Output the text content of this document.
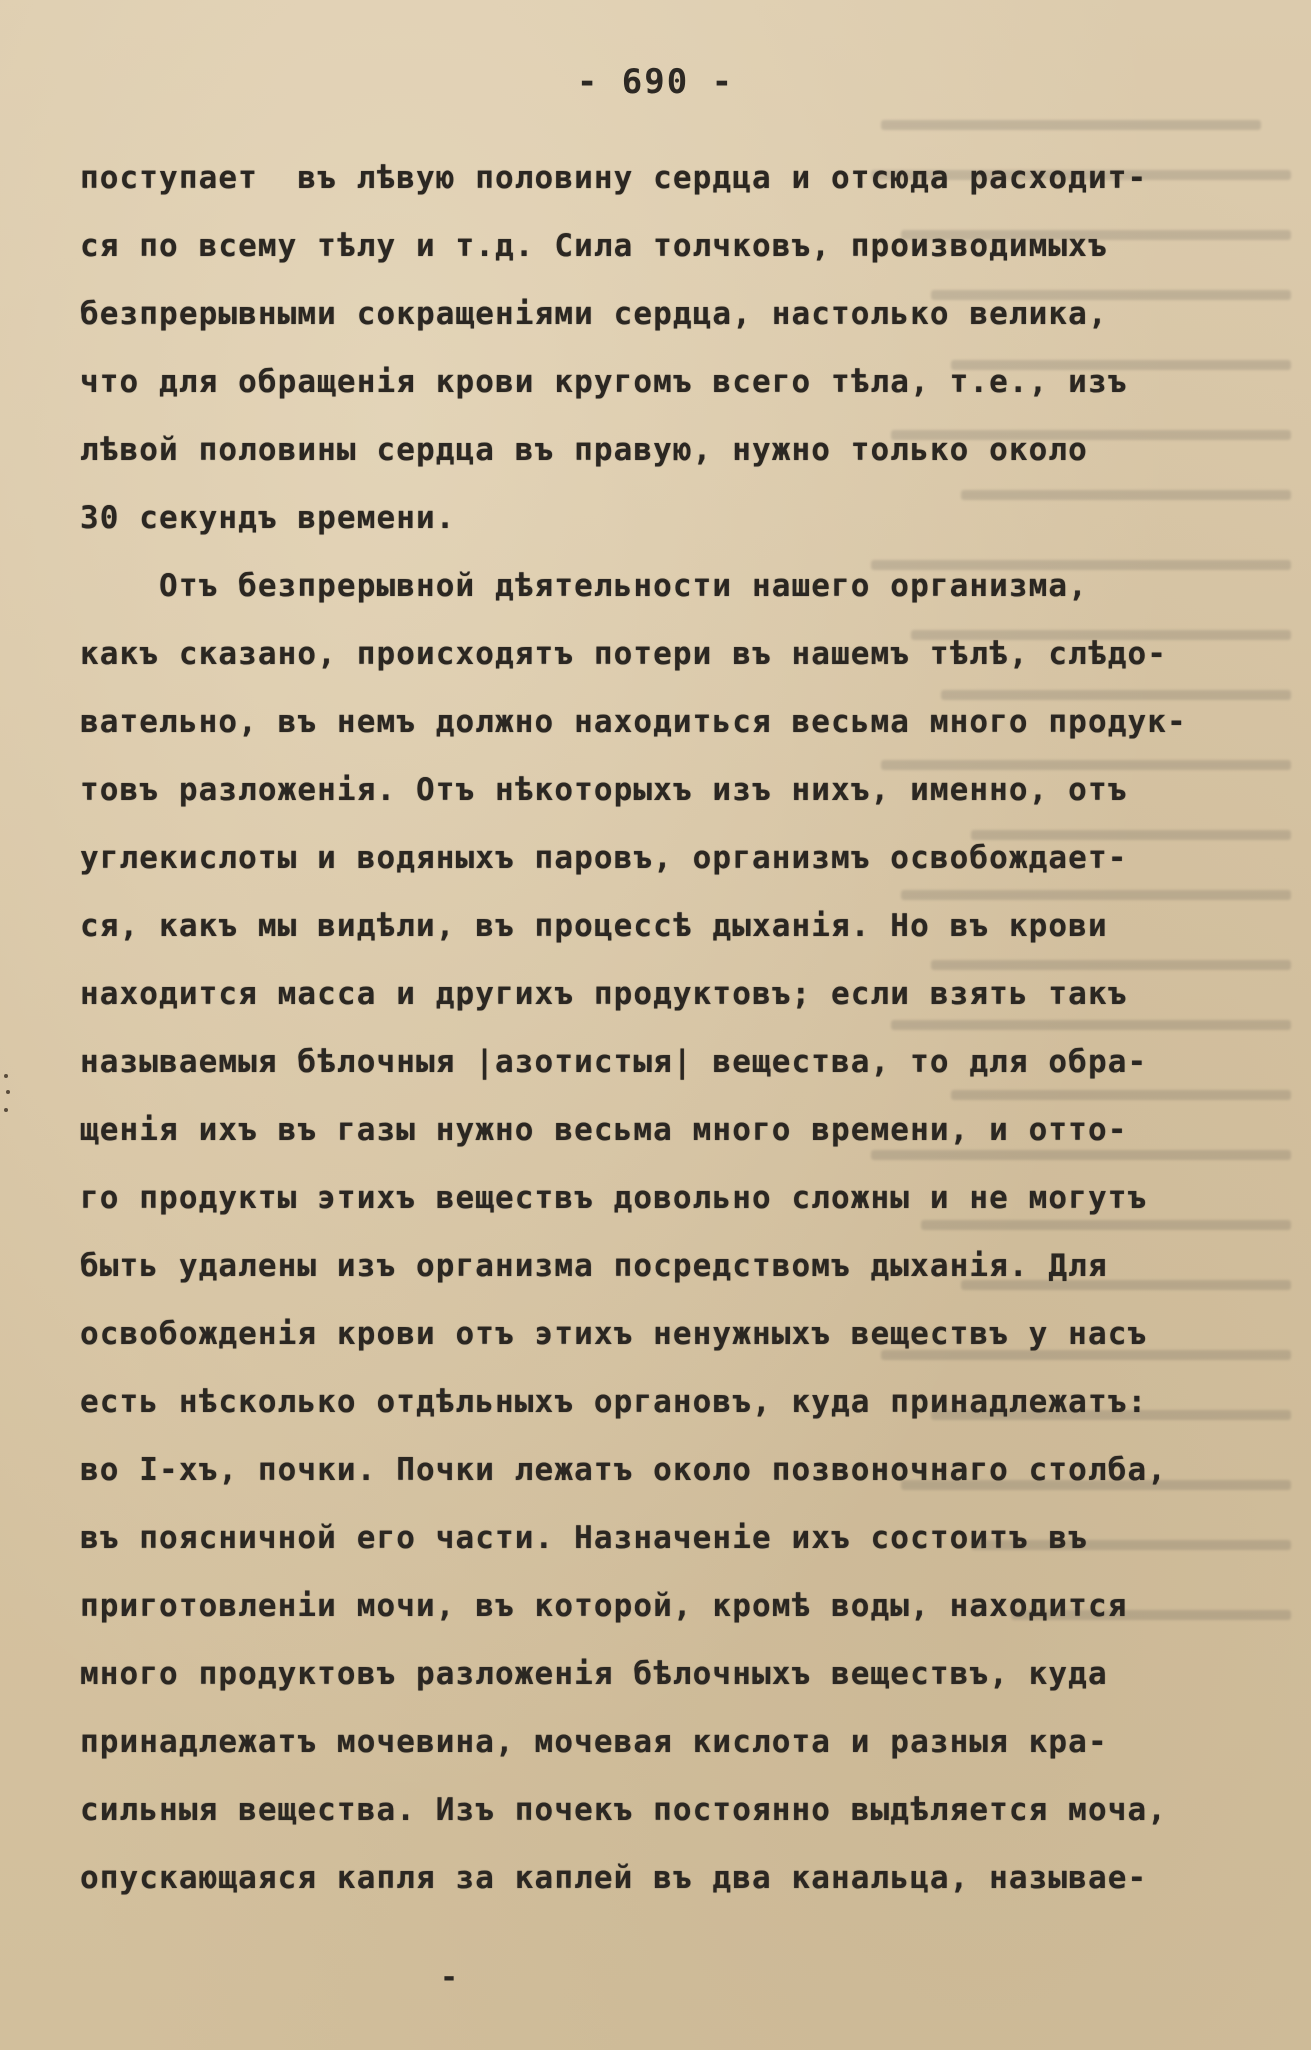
- 690 -
поступает  въ лѣвую половину сердца и отсюда расходит-
ся по всему тѣлу и т.д. Сила толчковъ, производимыхъ
безпрерывными сокращеніями сердца, настолько велика,
что для обращенія крови кругомъ всего тѣла, т.е., изъ
лѣвой половины сердца въ правую, нужно только около
30 секундъ времени.
Отъ безпрерывной дѣятельности нашего организма,
какъ сказано, происходятъ потери въ нашемъ тѣлѣ, слѣдо-
вательно, въ немъ должно находиться весьма много продук-
товъ разложенія. Отъ нѣкоторыхъ изъ нихъ, именно, отъ
углекислоты и водяныхъ паровъ, организмъ освобождает-
ся, какъ мы видѣли, въ процессѣ дыханія. Но въ крови
находится масса и другихъ продуктовъ; если взять такъ
называемыя бѣлочныя |азотистыя| вещества, то для обра-
щенія ихъ въ газы нужно весьма много времени, и отто-
го продукты этихъ веществъ довольно сложны и не могутъ
быть удалены изъ организма посредствомъ дыханія. Для
освобожденія крови отъ этихъ ненужныхъ веществъ у насъ
есть нѣсколько отдѣльныхъ органовъ, куда принадлежатъ:
во I-хъ, почки. Почки лежатъ около позвоночнаго столба,
въ поясничной его части. Назначеніе ихъ состоитъ въ
приготовленіи мочи, въ которой, кромѣ воды, находится
много продуктовъ разложенія бѣлочныхъ веществъ, куда
принадлежатъ мочевина, мочевая кислота и разныя кра-
сильныя вещества. Изъ почекъ постоянно выдѣляется моча,
опускающаяся капля за каплей въ два канальца, называе-
-
